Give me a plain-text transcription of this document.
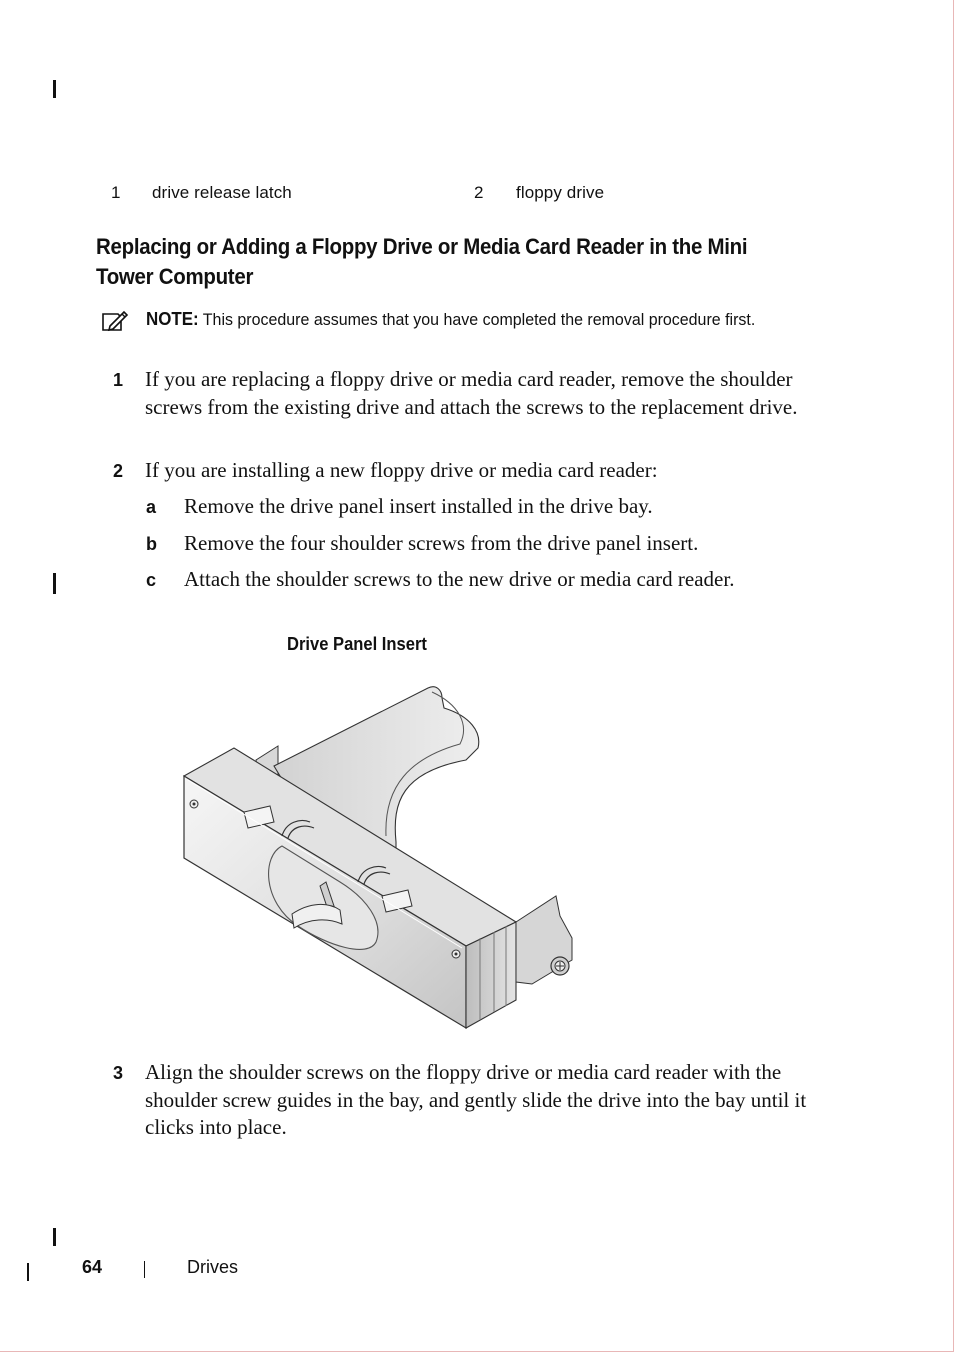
1 drive release latch	2 floppy drive
Replacing or Adding a Floppy Drive or Media Card Reader in the Mini Tower Computer
NOTE: This procedure assumes that you have completed the removal procedure first.
1 If you are replacing a floppy drive or media card reader, remove the shoulder screws from the existing drive and attach the screws to the replacement drive.
2 If you are installing a new floppy drive or media card reader:
a Remove the drive panel insert installed in the drive bay.
b Remove the four shoulder screws from the drive panel insert.
c Attach the shoulder screws to the new drive or media card reader.
Drive Panel Insert
3 Align the shoulder screws on the floppy drive or media card reader with the shoulder screw guides in the bay, and gently slide the drive into the bay until it clicks into place.
64	Drives
